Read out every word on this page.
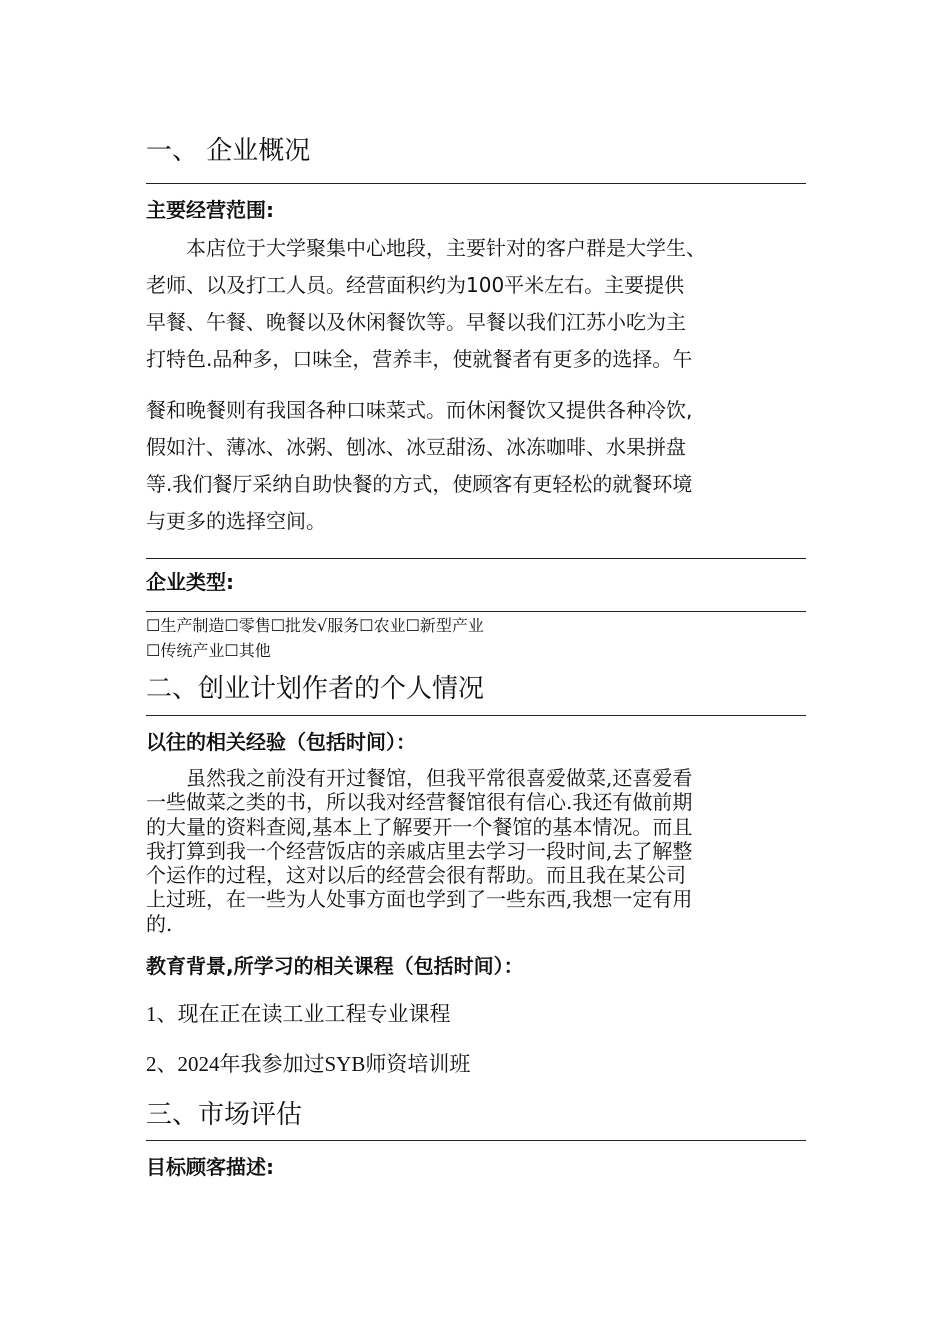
一、 企业概况
主要经营范围:
　　本店位于大学聚集中心地段，主要针对的客户群是大学生、
老师、以及打工人员。经营面积约为100平米左右。主要提供
早餐、午餐、晚餐以及休闲餐饮等。早餐以我们江苏小吃为主
打特色.品种多，口味全，营养丰，使就餐者有更多的选择。午
餐和晚餐则有我国各种口味菜式。而休闲餐饮又提供各种冷饮,
假如汁、薄冰、冰粥、刨冰、冰豆甜汤、冰冻咖啡、水果拼盘
等.我们餐厅采纳自助快餐的方式，使顾客有更轻松的就餐环境
与更多的选择空间。
企业类型:
☐生产制造☐零售☐批发√服务☐农业☐新型产业
☐传统产业☐其他
二、创业计划作者的个人情况
以往的相关经验（包括时间）：
　　虽然我之前没有开过餐馆，但我平常很喜爱做菜,还喜爱看
一些做菜之类的书，所以我对经营餐馆很有信心.我还有做前期
的大量的资料查阅,基本上了解要开一个餐馆的基本情况。而且
我打算到我一个经营饭店的亲戚店里去学习一段时间,去了解整
个运作的过程，这对以后的经营会很有帮助。而且我在某公司
上过班，在一些为人处事方面也学到了一些东西,我想一定有用
的.
教育背景,所学习的相关课程（包括时间）：
1、现在正在读工业工程专业课程
2、2024年我参加过SYB师资培训班
三、市场评估
目标顾客描述:
